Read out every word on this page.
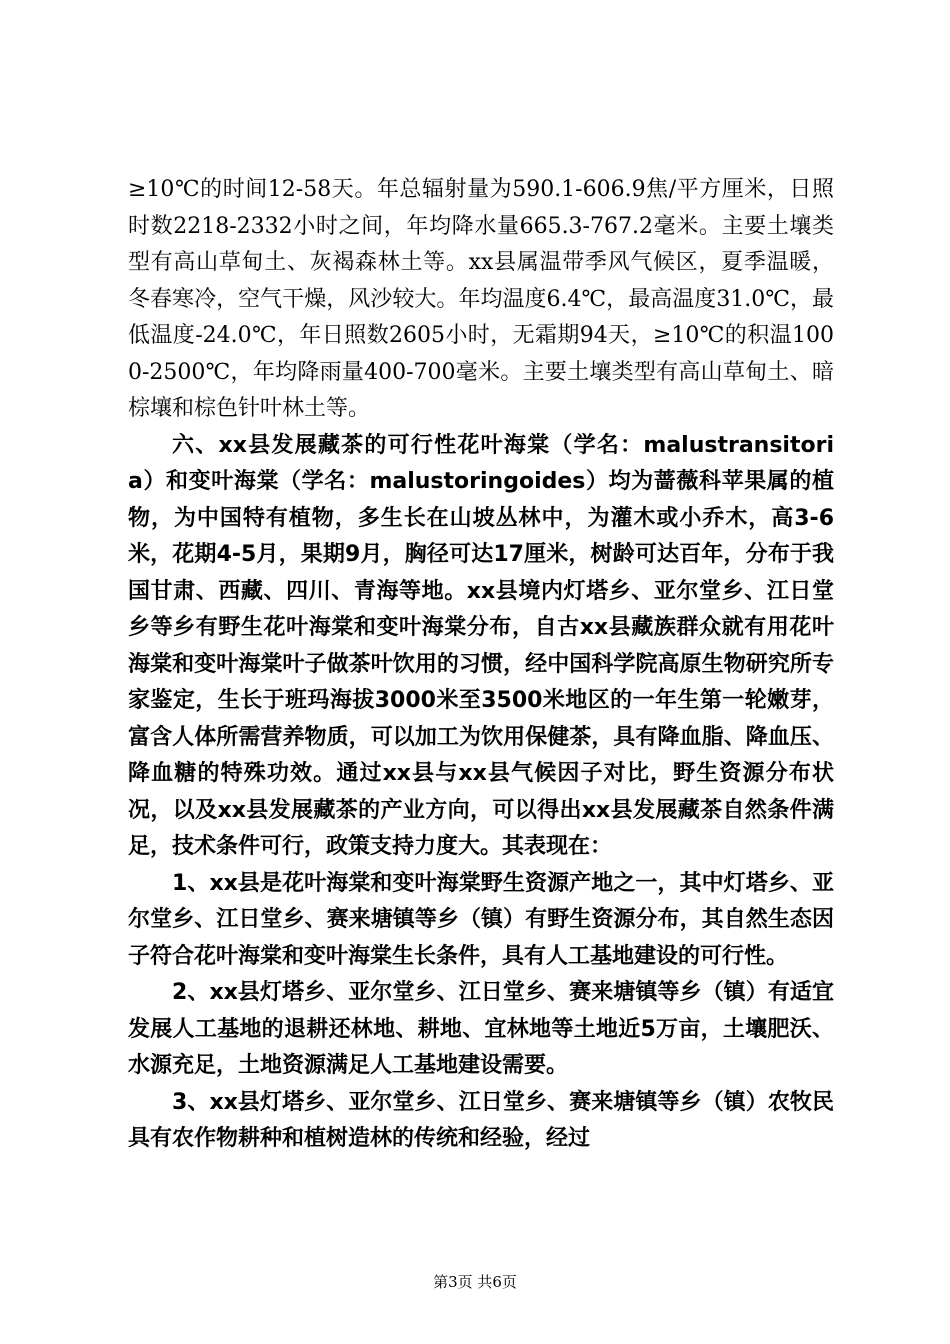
≥10℃的时间12-58天。年总辐射量为590.1-606.9焦/平方厘米，日照时数2218-2332小时之间，年均降水量665.3-767.2毫米。主要土壤类型有高山草甸土、灰褐森林土等。xx县属温带季风气候区，夏季温暖，冬春寒冷，空气干燥，风沙较大。年均温度6.4℃，最高温度31.0℃，最低温度-24.0℃，年日照数2605小时，无霜期94天，≥10℃的积温1000-2500℃，年均降雨量400-700毫米。主要土壤类型有高山草甸土、暗棕壤和棕色针叶林土等。

六、xx县发展藏茶的可行性花叶海棠（学名：malustransitoria）和变叶海棠（学名：malustoringoides）均为蔷薇科苹果属的植物，为中国特有植物，多生长在山坡丛林中，为灌木或小乔木，高3-6米，花期4-5月，果期9月，胸径可达17厘米，树龄可达百年，分布于我国甘肃、西藏、四川、青海等地。xx县境内灯塔乡、亚尔堂乡、江日堂乡等乡有野生花叶海棠和变叶海棠分布，自古xx县藏族群众就有用花叶海棠和变叶海棠叶子做茶叶饮用的习惯，经中国科学院高原生物研究所专家鉴定，生长于班玛海拔3000米至3500米地区的一年生第一轮嫩芽，富含人体所需营养物质，可以加工为饮用保健茶，具有降血脂、降血压、降血糖的特殊功效。通过xx县与xx县气候因子对比，野生资源分布状况，以及xx县发展藏茶的产业方向，可以得出xx县发展藏茶自然条件满足，技术条件可行，政策支持力度大。其表现在：

1、xx县是花叶海棠和变叶海棠野生资源产地之一，其中灯塔乡、亚尔堂乡、江日堂乡、赛来塘镇等乡（镇）有野生资源分布，其自然生态因子符合花叶海棠和变叶海棠生长条件，具有人工基地建设的可行性。

2、xx县灯塔乡、亚尔堂乡、江日堂乡、赛来塘镇等乡（镇）有适宜发展人工基地的退耕还林地、耕地、宜林地等土地近5万亩，土壤肥沃、水源充足，土地资源满足人工基地建设需要。

3、xx县灯塔乡、亚尔堂乡、江日堂乡、赛来塘镇等乡（镇）农牧民具有农作物耕种和植树造林的传统和经验，经过

第3页 共6页
